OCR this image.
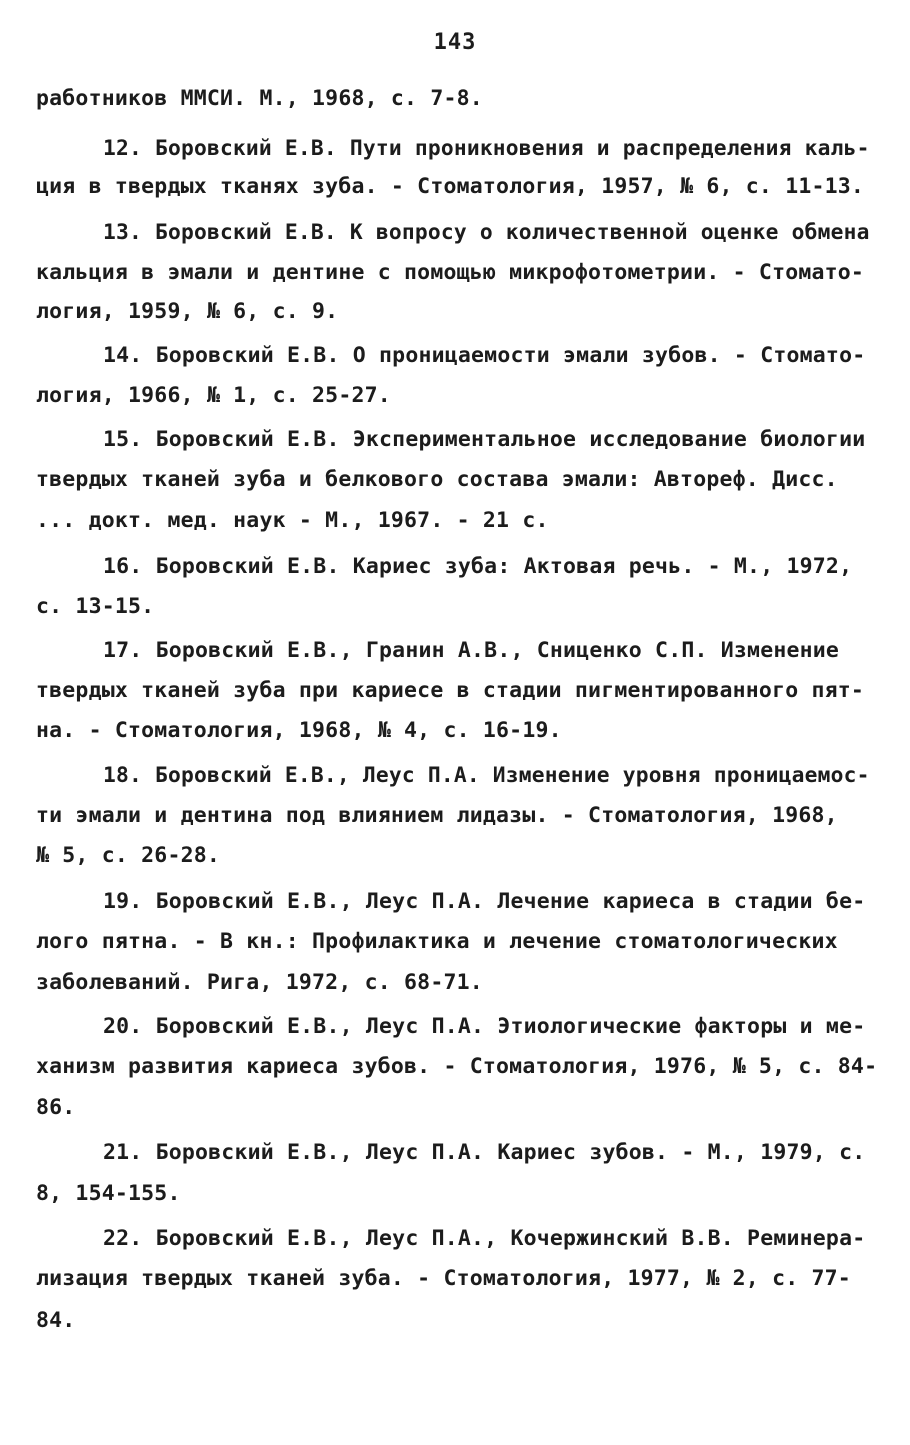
143
работников ММСИ. М., 1968, с. 7-8.
12. Боровский Е.В. Пути проникновения и распределения каль-
ция в твердых тканях зуба. - Стоматология, 1957, № 6, с. 11-13.
13. Боровский Е.В. К вопросу о количественной оценке обмена
кальция в эмали и дентине с помощью микрофотометрии. - Стомато-
логия, 1959, № 6, с. 9.
14. Боровский Е.В. О проницаемости эмали зубов. - Стомато-
логия, 1966, № 1, с. 25-27.
15. Боровский Е.В. Экспериментальное исследование биологии
твердых тканей зуба и белкового состава эмали: Автореф. Дисс.
... докт. мед. наук - М., 1967. - 21 с.
16. Боровский Е.В. Кариес зуба: Актовая речь. - М., 1972,
с. 13-15.
17. Боровский Е.В., Гранин А.В., Сниценко С.П. Изменение
твердых тканей зуба при кариесе в стадии пигментированного пят-
на. - Стоматология, 1968, № 4, с. 16-19.
18. Боровский Е.В., Леус П.А. Изменение уровня проницаемос-
ти эмали и дентина под влиянием лидазы. - Стоматология, 1968,
№ 5, с. 26-28.
19. Боровский Е.В., Леус П.А. Лечение кариеса в стадии бе-
лого пятна. - В кн.: Профилактика и лечение стоматологических
заболеваний. Рига, 1972, с. 68-71.
20. Боровский Е.В., Леус П.А. Этиологические факторы и ме-
ханизм развития кариеса зубов. - Стоматология, 1976, № 5, с. 84-
86.
21. Боровский Е.В., Леус П.А. Кариес зубов. - М., 1979, с.
8, 154-155.
22. Боровский Е.В., Леус П.А., Кочержинский В.В. Реминера-
лизация твердых тканей зуба. - Стоматология, 1977, № 2, с. 77-
84.
